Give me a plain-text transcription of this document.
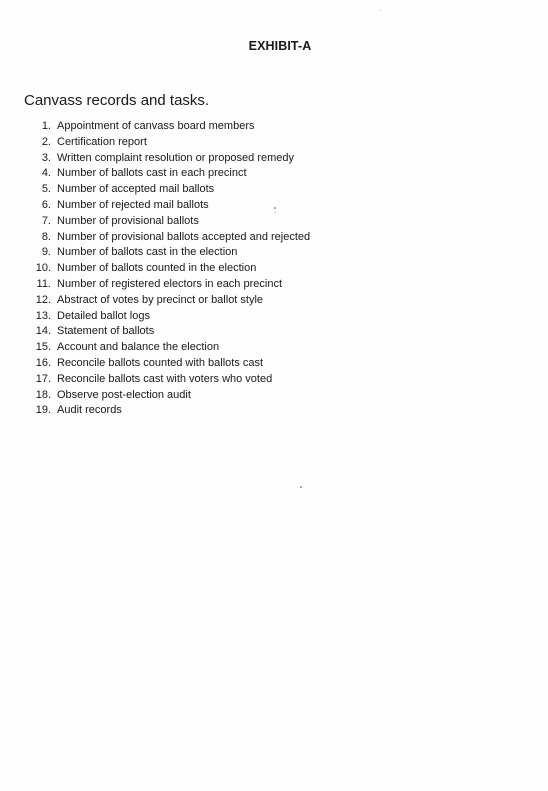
EXHIBIT-A
Canvass records and tasks.
1. Appointment of canvass board members
2. Certification report
3. Written complaint resolution or proposed remedy
4. Number of ballots cast in each precinct
5. Number of accepted mail ballots
6. Number of rejected mail ballots
7. Number of provisional ballots
8. Number of provisional ballots accepted and rejected
9. Number of ballots cast in the election
10. Number of ballots counted in the election
11. Number of registered electors in each precinct
12. Abstract of votes by precinct or ballot style
13. Detailed ballot logs
14. Statement of ballots
15. Account and balance the election
16. Reconcile ballots counted with ballots cast
17. Reconcile ballots cast with voters who voted
18. Observe post-election audit
19. Audit records
